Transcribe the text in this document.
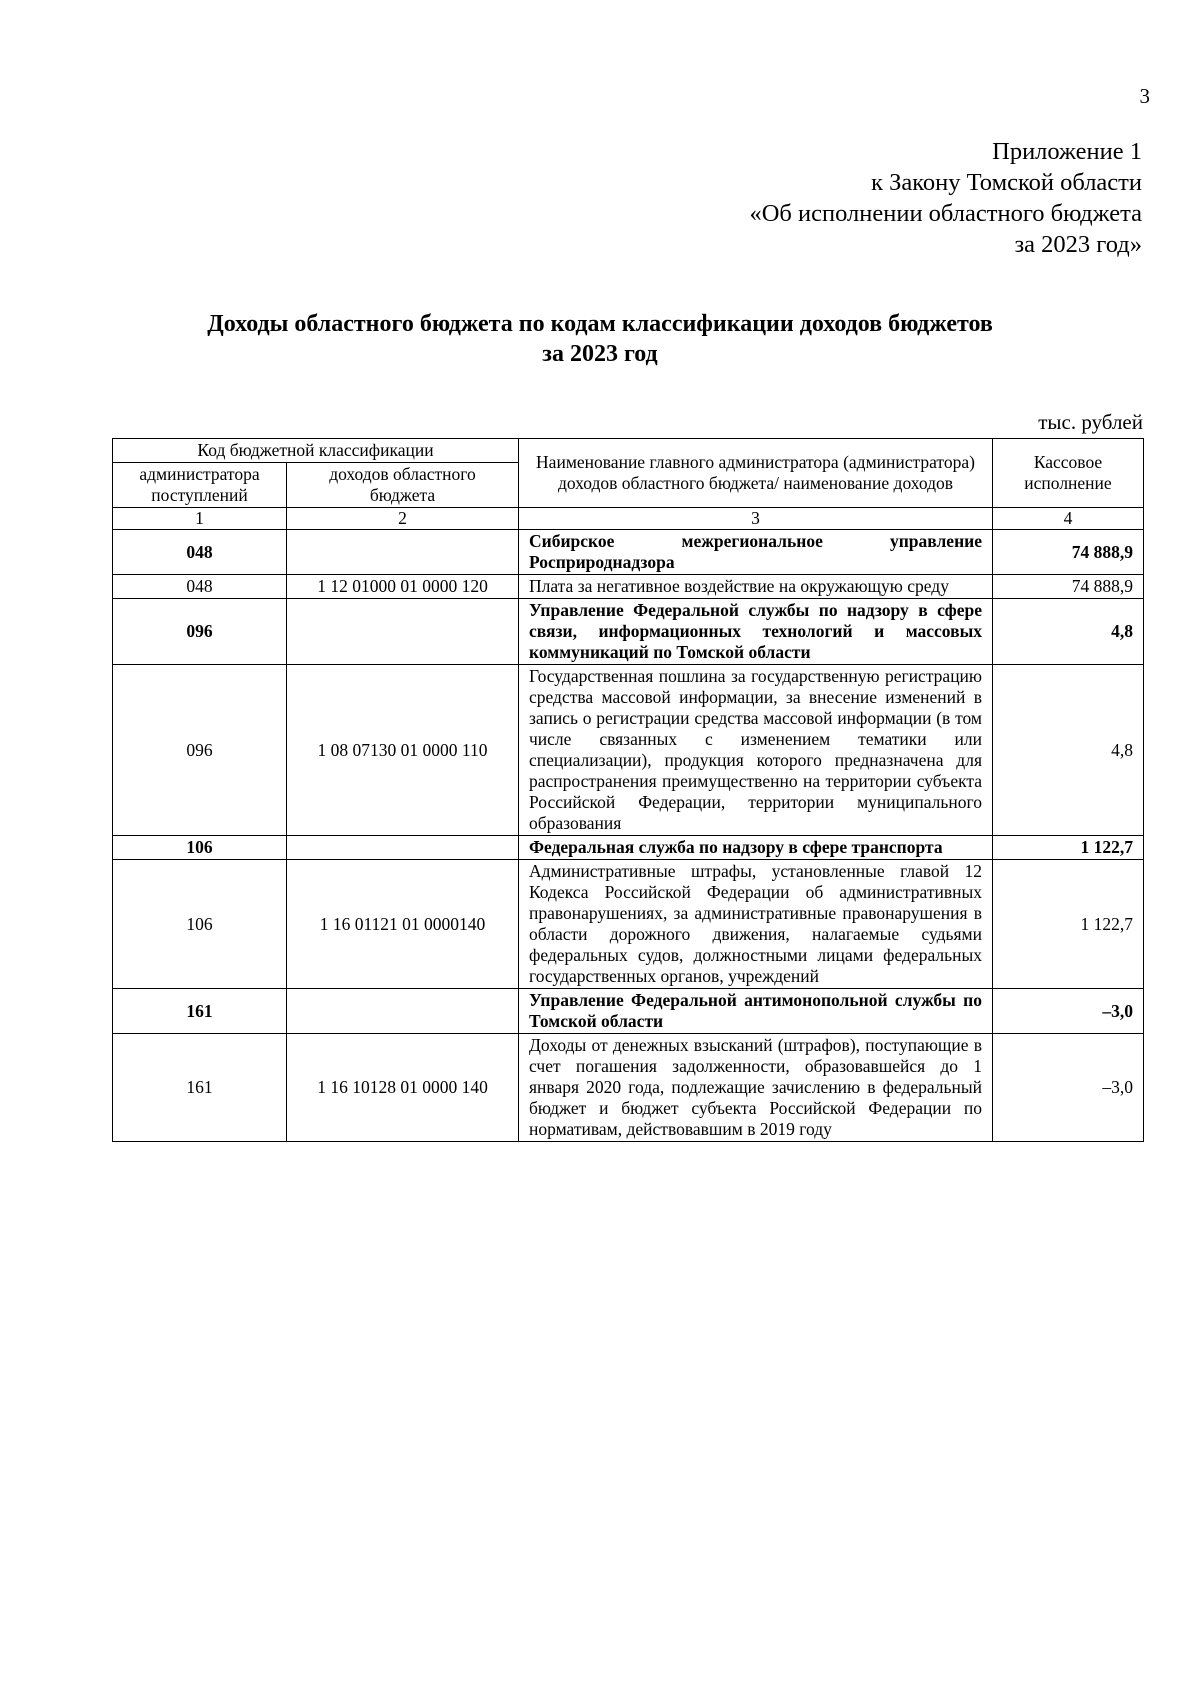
3
Приложение 1
к Закону Томской области
«Об исполнении областного бюджета
за 2023 год»
Доходы областного бюджета по кодам классификации доходов бюджетов
за 2023 год
тыс. рублей
Код бюджетной классификации		Наименование главного администратора (администратора) доходов областного бюджета/ наименование доходов	Кассовое исполнение
администратора поступлений	доходов областного бюджета		
1	2	3	4
048		Сибирское межрегиональное управление Росприроднадзора	74 888,9
048	1 12 01000 01 0000 120	Плата за негативное воздействие на окружающую среду	74 888,9
096		Управление Федеральной службы по надзору в сфере связи, информационных технологий и массовых коммуникаций по Томской области	4,8
096	1 08 07130 01 0000 110	Государственная пошлина за государственную регистрацию средства массовой информации, за внесение изменений в запись о регистрации средства массовой информации (в том числе связанных с изменением тематики или специализации), продукция которого предназначена для распространения преимущественно на территории субъекта Российской Федерации, территории муниципального образования	4,8
106		Федеральная служба по надзору в сфере транспорта	1 122,7
106	1 16 01121 01 0000140	Административные штрафы, установленные главой 12 Кодекса Российской Федерации об административных правонарушениях, за административные правонарушения в области дорожного движения, налагаемые судьями федеральных судов, должностными лицами федеральных государственных органов, учреждений	1 122,7
161		Управление Федеральной антимонопольной службы по Томской области	–3,0
161	1 16 10128 01 0000 140	Доходы от денежных взысканий (штрафов), поступающие в счет погашения задолженности, образовавшейся до 1 января 2020 года, подлежащие зачислению в федеральный бюджет и бюджет субъекта Российской Федерации по нормативам, действовавшим в 2019 году	–3,0
